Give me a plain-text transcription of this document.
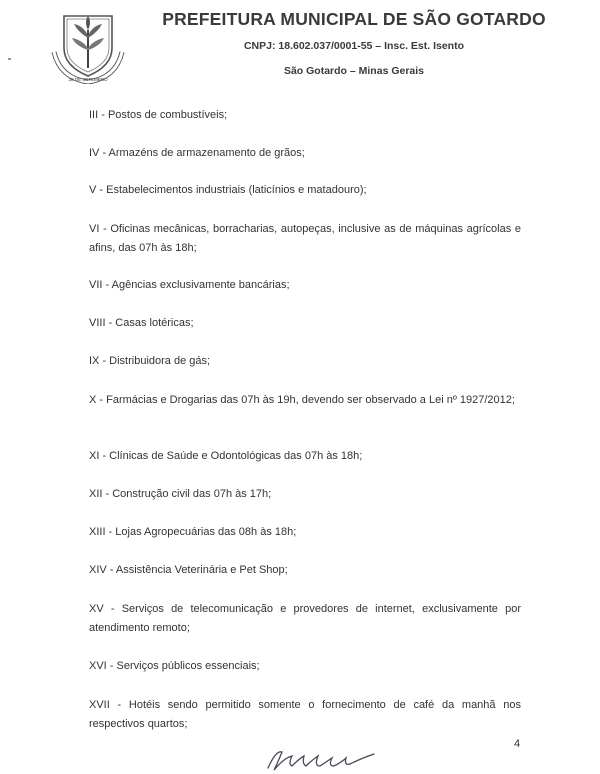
30 DE SETEMBRO
PREFEITURA MUNICIPAL DE SÃO GOTARDO
CNPJ: 18.602.037/0001-55 – Insc. Est. Isento
São Gotardo – Minas Gerais
III - Postos de combustíveis;
IV - Armazéns de armazenamento de grãos;
V - Estabelecimentos industriais (laticínios e matadouro);
VI - Oficinas mecânicas, borracharias, autopeças, inclusive as de máquinas agrícolas e afins, das 07h às 18h;
VII - Agências exclusivamente bancárias;
VIII - Casas lotéricas;
IX - Distribuidora de gás;
X - Farmácias e Drogarias das 07h às 19h, devendo ser observado a Lei nº 1927/2012;
XI - Clínicas de Saúde e Odontológicas das 07h às 18h;
XII - Construção civil das 07h às 17h;
XIII - Lojas Agropecuárias das 08h às 18h;
XIV - Assistência Veterinária e Pet Shop;
XV - Serviços de telecomunicação e provedores de internet, exclusivamente por atendimento remoto;
XVI - Serviços públicos essenciais;
XVII - Hotéis sendo permitido somente o fornecimento de café da manhã nos respectivos quartos;
4
